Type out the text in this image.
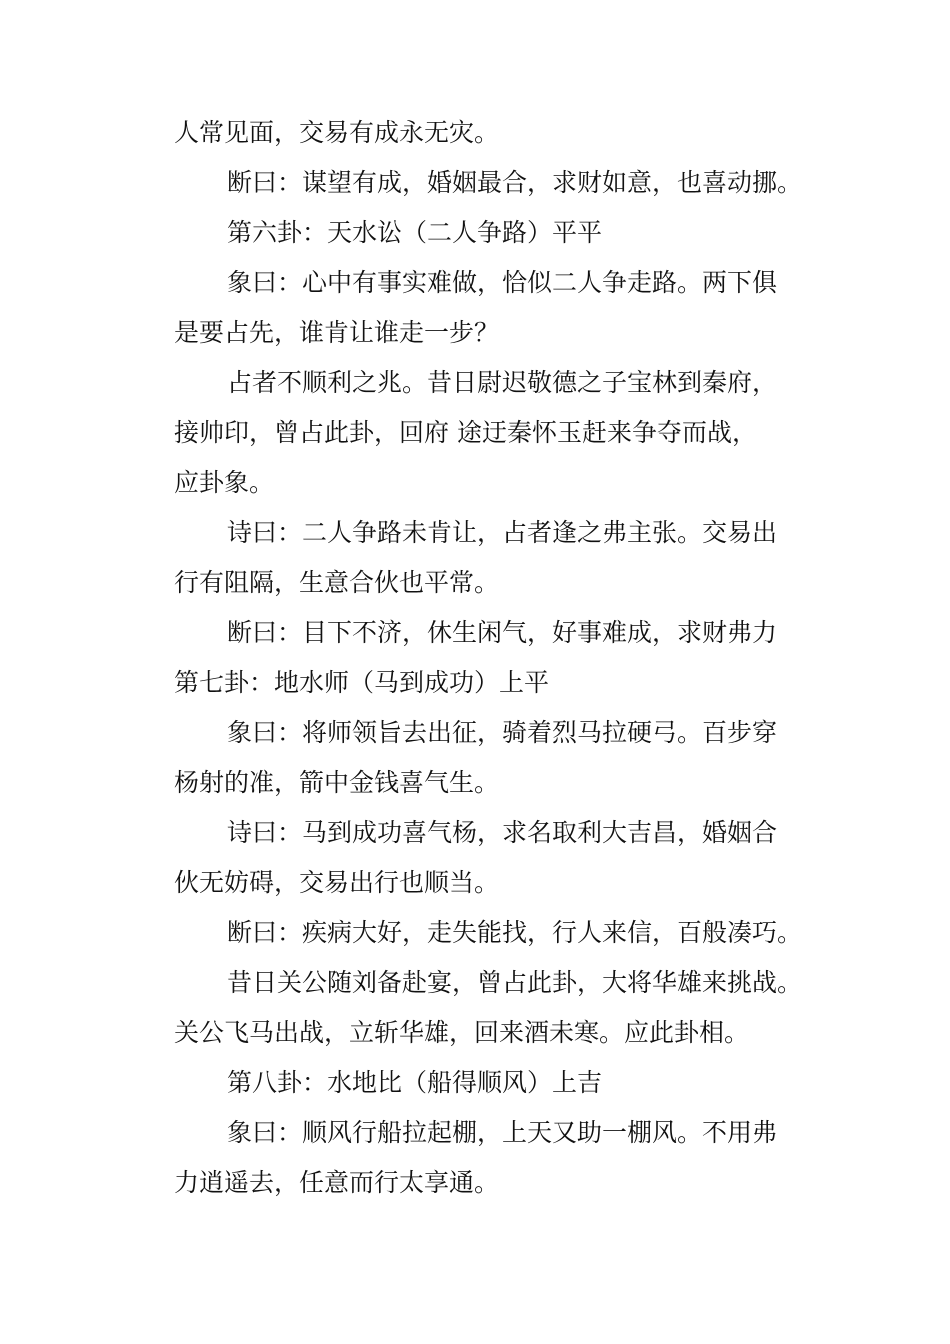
人常见面，交易有成永无灾。

断曰：谋望有成，婚姻最合，求财如意，也喜动挪。

第六卦：天水讼（二人争路）平平

象曰：心中有事实难做，恰似二人争走路。两下俱
是要占先，谁肯让谁走一步？

占者不顺利之兆。昔日尉迟敬德之子宝林到秦府，
接帅印，曾占此卦，回府 途迂秦怀玉赶来争夺而战，
应卦象。

诗曰：二人争路未肯让，占者逢之弗主张。交易出
行有阻隔，生意合伙也平常。

断曰：目下不济，休生闲气，好事难成，求财弗力

第七卦：地水师（马到成功）上平

象曰：将师领旨去出征，骑着烈马拉硬弓。百步穿
杨射的准，箭中金钱喜气生。

诗曰：马到成功喜气杨，求名取利大吉昌，婚姻合
伙无妨碍，交易出行也顺当。

断曰：疾病大好，走失能找，行人来信，百般凑巧。

昔日关公随刘备赴宴，曾占此卦，大将华雄来挑战。
关公飞马出战，立斩华雄，回来酒未寒。应此卦相。

第八卦：水地比（船得顺风）上吉

象曰：顺风行船拉起棚，上天又助一棚风。不用弗
力逍遥去，任意而行太享通。
